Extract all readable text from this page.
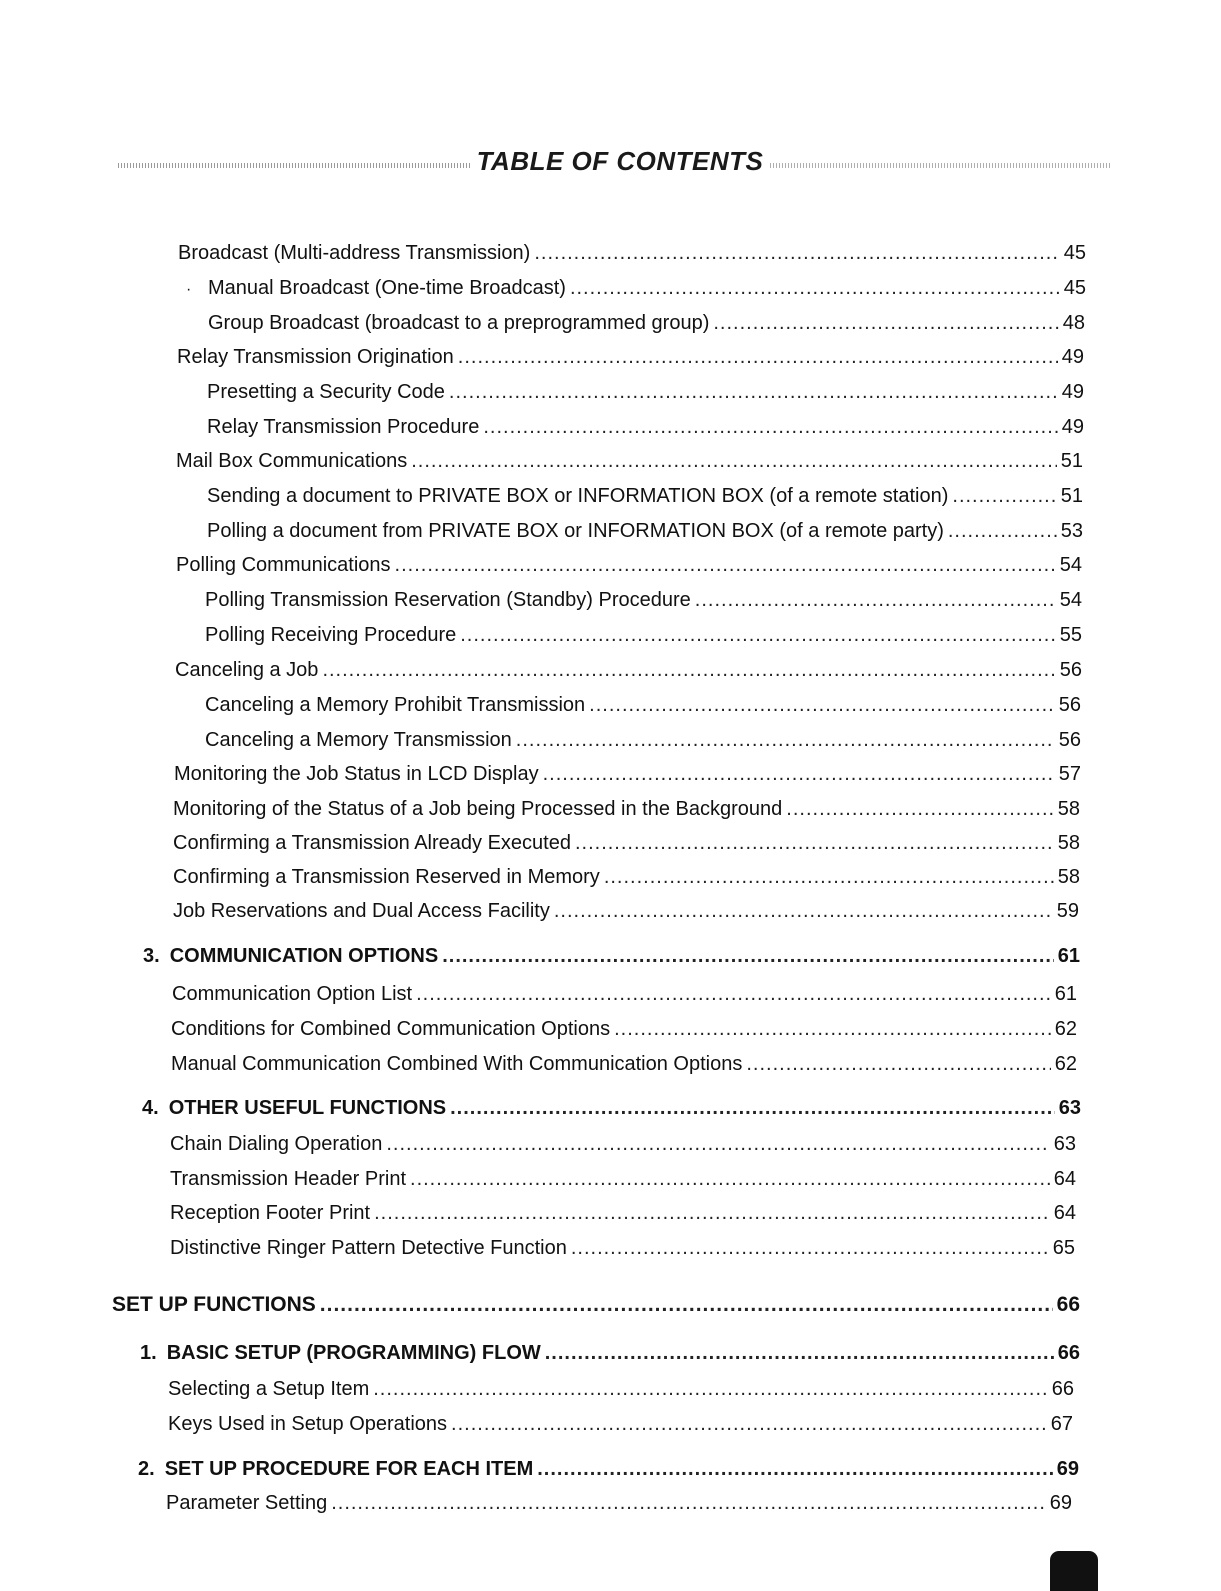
TABLE OF CONTENTS
·
Broadcast (Multi-address Transmission) .....	45
Manual Broadcast (One-time Broadcast) .....	45
Group Broadcast (broadcast to a preprogrammed group) .....	48
Relay Transmission Origination .....	49
Presetting a Security Code .....	49
Relay Transmission Procedure .....	49
Mail Box Communications .....	51
Sending a document to PRIVATE BOX or INFORMATION BOX (of a remote station) .....	51
Polling a document from PRIVATE BOX or INFORMATION BOX (of a remote party) .....	53
Polling Communications .....	54
Polling Transmission Reservation (Standby) Procedure .....	54
Polling Receiving Procedure .....	55
Canceling a Job .....	56
Canceling a Memory Prohibit Transmission .....	56
Canceling a Memory Transmission .....	56
Monitoring the Job Status in LCD Display .....	57
Monitoring of the Status of a Job being Processed in the Background .....	58
Confirming a Transmission Already Executed .....	58
Confirming a Transmission Reserved in Memory .....	58
Job Reservations and Dual Access Facility .....	59
3. COMMUNICATION OPTIONS .....	61
Communication Option List .....	61
Conditions for Combined Communication Options .....	62
Manual Communication Combined With Communication Options .....	62
4. OTHER USEFUL FUNCTIONS .....	63
Chain Dialing Operation .....	63
Transmission Header Print .....	64
Reception Footer Print .....	64
Distinctive Ringer Pattern Detective Function .....	65
SET UP FUNCTIONS .....	66
1. BASIC SETUP (PROGRAMMING) FLOW .....	66
Selecting a Setup Item .....	66
Keys Used in Setup Operations .....	67
2. SET UP PROCEDURE FOR EACH ITEM .....	69
Parameter Setting .....	69
